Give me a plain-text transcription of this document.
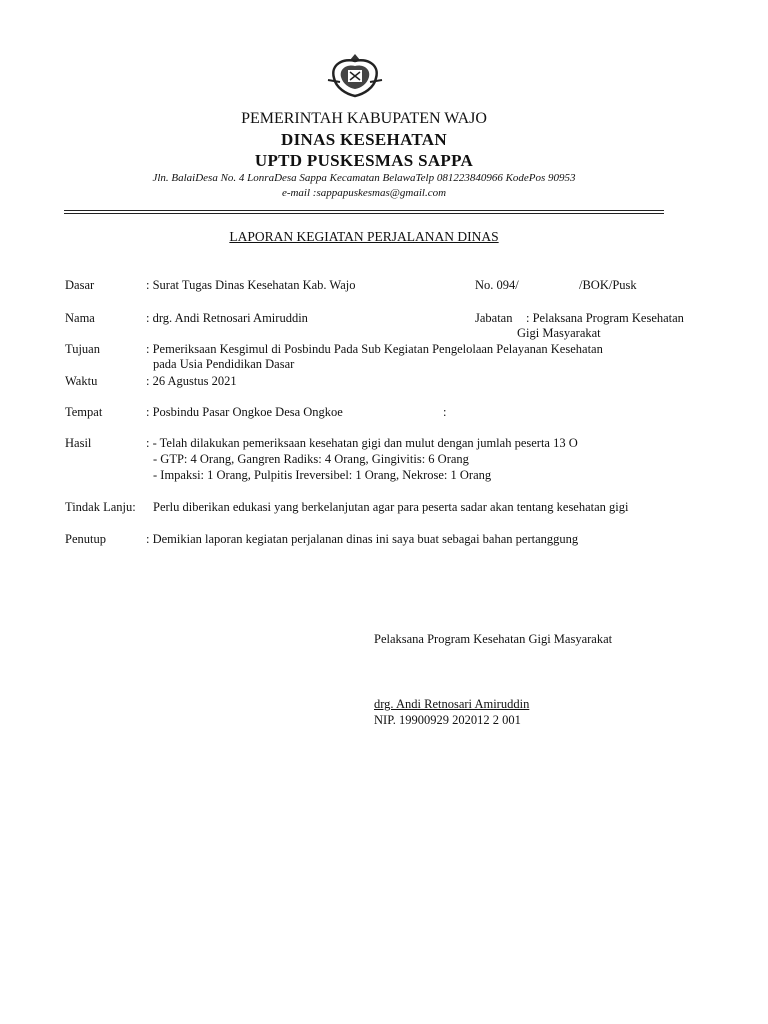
PEMERINTAH KABUPATEN WAJO
DINAS KESEHATAN
UPTD PUSKESMAS SAPPA
Jln. BalaiDesa No. 4 LonraDesa Sappa Kecamatan BelawaTelp 081223840966 KodePos 90953
e-mail :sappapuskesmas@gmail.com
LAPORAN KEGIATAN PERJALANAN DINAS
Dasar	: Surat Tugas Dinas Kesehatan Kab. Wajo	No. 094/	/BOK/Pusk
Nama	: drg. Andi Retnosari Amiruddin	Jabatan : Pelaksana Program Kesehatan
Gigi Masyarakat
Tujuan	: Pemeriksaan Kesgimul di Posbindu Pada Sub Kegiatan Pengelolaan Pelayanan Kesehatan
pada Usia Pendidikan Dasar
Waktu	: 26 Agustus 2021
Tempat	: Posbindu Pasar Ongkoe Desa Ongkoe	:
Hasil	: - Telah dilakukan pemeriksaan kesehatan gigi dan mulut dengan jumlah peserta 13 O
- GTP: 4 Orang, Gangren Radiks: 4 Orang, Gingivitis: 6 Orang
- Impaksi: 1 Orang, Pulpitis Ireversibel: 1 Orang, Nekrose: 1 Orang
Tindak Lanju: Perlu diberikan edukasi yang berkelanjutan agar para peserta sadar akan tentang kesehatan gigi
Penutup	: Demikian laporan kegiatan perjalanan dinas ini saya buat sebagai bahan pertanggung
Pelaksana Program Kesehatan Gigi Masyarakat
drg. Andi Retnosari Amiruddin
NIP. 19900929 202012 2 001
